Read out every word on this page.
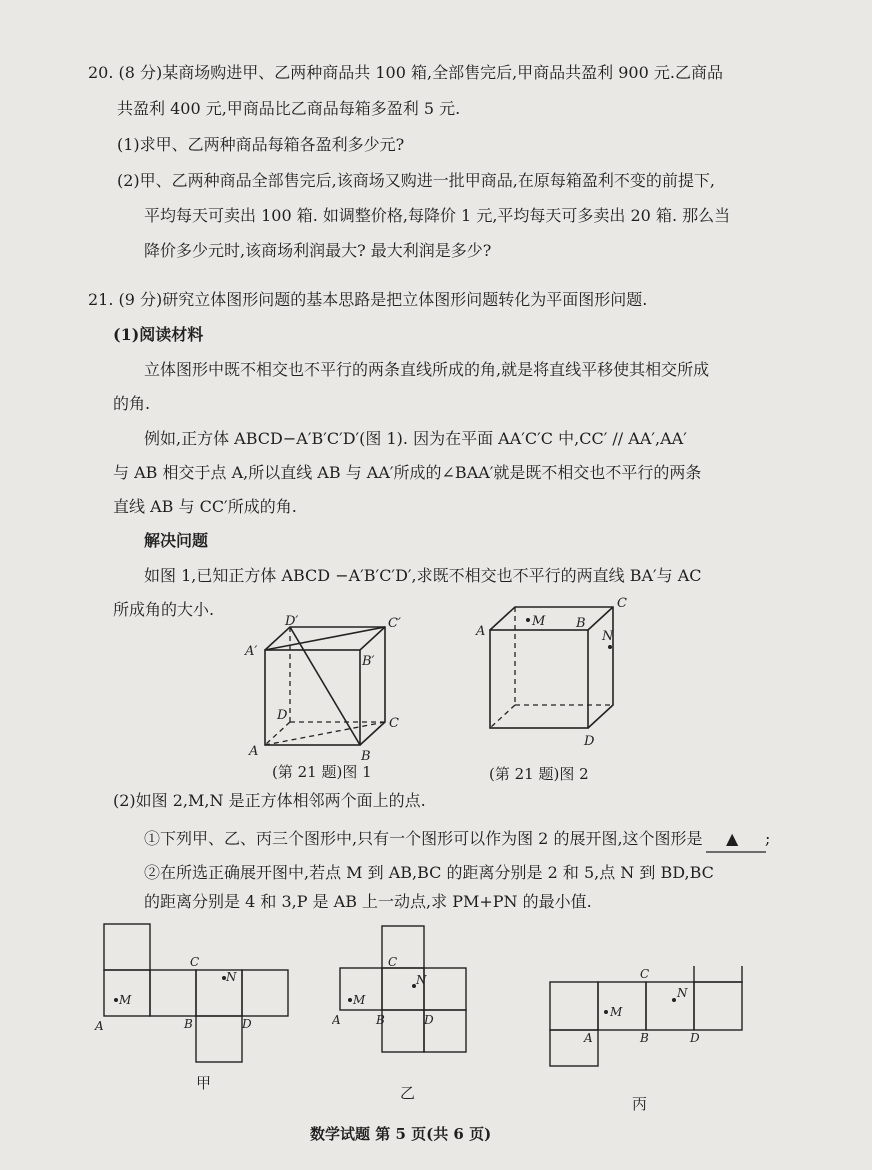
20. (8 分)某商场购进甲、乙两种商品共 100 箱,全部售完后,甲商品共盈利 900 元.乙商品
共盈利 400 元,甲商品比乙商品每箱多盈利 5 元.
(1)求甲、乙两种商品每箱各盈利多少元?
(2)甲、乙两种商品全部售完后,该商场又购进一批甲商品,在原每箱盈利不变的前提下,
平均每天可卖出 100 箱. 如调整价格,每降价 1 元,平均每天可多卖出 20 箱. 那么当
降价多少元时,该商场利润最大? 最大利润是多少?
21. (9 分)研究立体图形问题的基本思路是把立体图形问题转化为平面图形问题.
(1)阅读材料
立体图形中既不相交也不平行的两条直线所成的角,就是将直线平移使其相交所成
的角.
例如,正方体 ABCD−A′B′C′D′(图 1). 因为在平面 AA′C′C 中,CC′ // AA′,AA′
与 AB 相交于点 A,所以直线 AB 与 AA′所成的∠BAA′就是既不相交也不平行的两条
直线 AB 与 CC′所成的角.
解决问题
如图 1,已知正方体 ABCD −A′B′C′D′,求既不相交也不平行的两直线 BA′与 AC
所成角的大小.
D′	C′
A′
B′
D
C
A	B
(第 21 题)图 1
A
B
C
D
M
N
(第 21 题)图 2
(2)如图 2,M,N 是正方体相邻两个面上的点.
①下列甲、乙、丙三个图形中,只有一个图形可以作为图 2 的展开图,这个图形是 ▲ ;
②在所选正确展开图中,若点 M 到 AB,BC 的距离分别是 2 和 5,点 N 到 BD,BC
的距离分别是 4 和 3,P 是 AB 上一动点,求 PM+PN 的最小值.
M
N
C
A	B	D
甲
M
N
C
A	B	D
乙
M
N
C
A	B	D
丙
数学试题 第 5 页(共 6 页)
